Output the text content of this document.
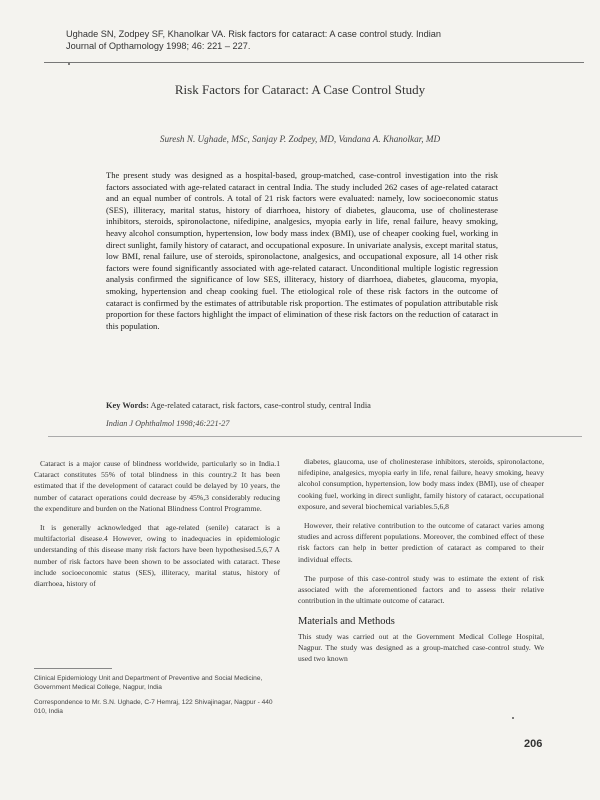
Ughade SN, Zodpey SF, Khanolkar VA. Risk factors for cataract: A case control study. Indian
Journal of Opthamology 1998; 46: 221 – 227.
Risk Factors for Cataract: A Case Control Study
Suresh N. Ughade, MSc, Sanjay P. Zodpey, MD, Vandana A. Khanolkar, MD
The present study was designed as a hospital-based, group-matched, case-control investigation into the risk factors associated with age-related cataract in central India. The study included 262 cases of age-related cataract and an equal number of controls. A total of 21 risk factors were evaluated: namely, low socioeconomic status (SES), illiteracy, marital status, history of diarrhoea, history of diabetes, glaucoma, use of cholinesterase inhibitors, steroids, spironolactone, nifedipine, analgesics, myopia early in life, renal failure, heavy smoking, heavy alcohol consumption, hypertension, low body mass index (BMI), use of cheaper cooking fuel, working in direct sunlight, family history of cataract, and occupational exposure. In univariate analysis, except marital status, low BMI, renal failure, use of steroids, spironolactone, analgesics, and occupational exposure, all 14 other risk factors were found significantly associated with age-related cataract. Unconditional multiple logistic regression analysis confirmed the significance of low SES, illiteracy, history of diarrhoea, diabetes, glaucoma, myopia, smoking, hypertension and cheap cooking fuel. The etiological role of these risk factors in the outcome of cataract is confirmed by the estimates of attributable risk proportion. The estimates of population attributable risk proportion for these factors highlight the impact of elimination of these risk factors on the reduction of cataract in this population.
Key Words: Age-related cataract, risk factors, case-control study, central India
Indian J Ophthalmol 1998;46:221-27

Cataract is a major cause of blindness worldwide, particularly so in India.1 Cataract constitutes 55% of total blindness in this country.2 It has been estimated that if the development of cataract could be delayed by 10 years, the number of cataract operations could decrease by 45%,3 considerably reducing the expenditure and burden on the National Blindness Control Programme.

It is generally acknowledged that age-related (senile) cataract is a multifactorial disease.4 However, owing to inadequacies in epidemiologic understanding of this disease many risk factors have been hypothesised.5,6,7 A number of risk factors have been shown to be associated with cataract. These include socioeconomic status (SES), illiteracy, marital status, history of diarrhoea, history of

diabetes, glaucoma, use of cholinesterase inhibitors, steroids, spironolactone, nifedipine, analgesics, myopia early in life, renal failure, heavy smoking, heavy alcohol consumption, hypertension, low body mass index (BMI), use of cheaper cooking fuel, working in direct sunlight, family history of cataract, occupational exposure, and several biochemical variables.5,6,8

However, their relative contribution to the outcome of cataract varies among studies and across different populations. Moreover, the combined effect of these risk factors can help in better prediction of cataract as compared to their individual effects.

The purpose of this case-control study was to estimate the extent of risk associated with the aforementioned factors and to assess their relative contribution in the ultimate outcome of cataract.

Materials and Methods

This study was carried out at the Government Medical College Hospital, Nagpur. The study was designed as a group-matched case-control study. We used two known

Clinical Epidemiology Unit and Department of Preventive and Social Medicine, Government Medical College, Nagpur, India
Correspondence to Mr. S.N. Ughade, C-7 Hemraj, 122 Shivajinagar, Nagpur - 440 010, India
206
